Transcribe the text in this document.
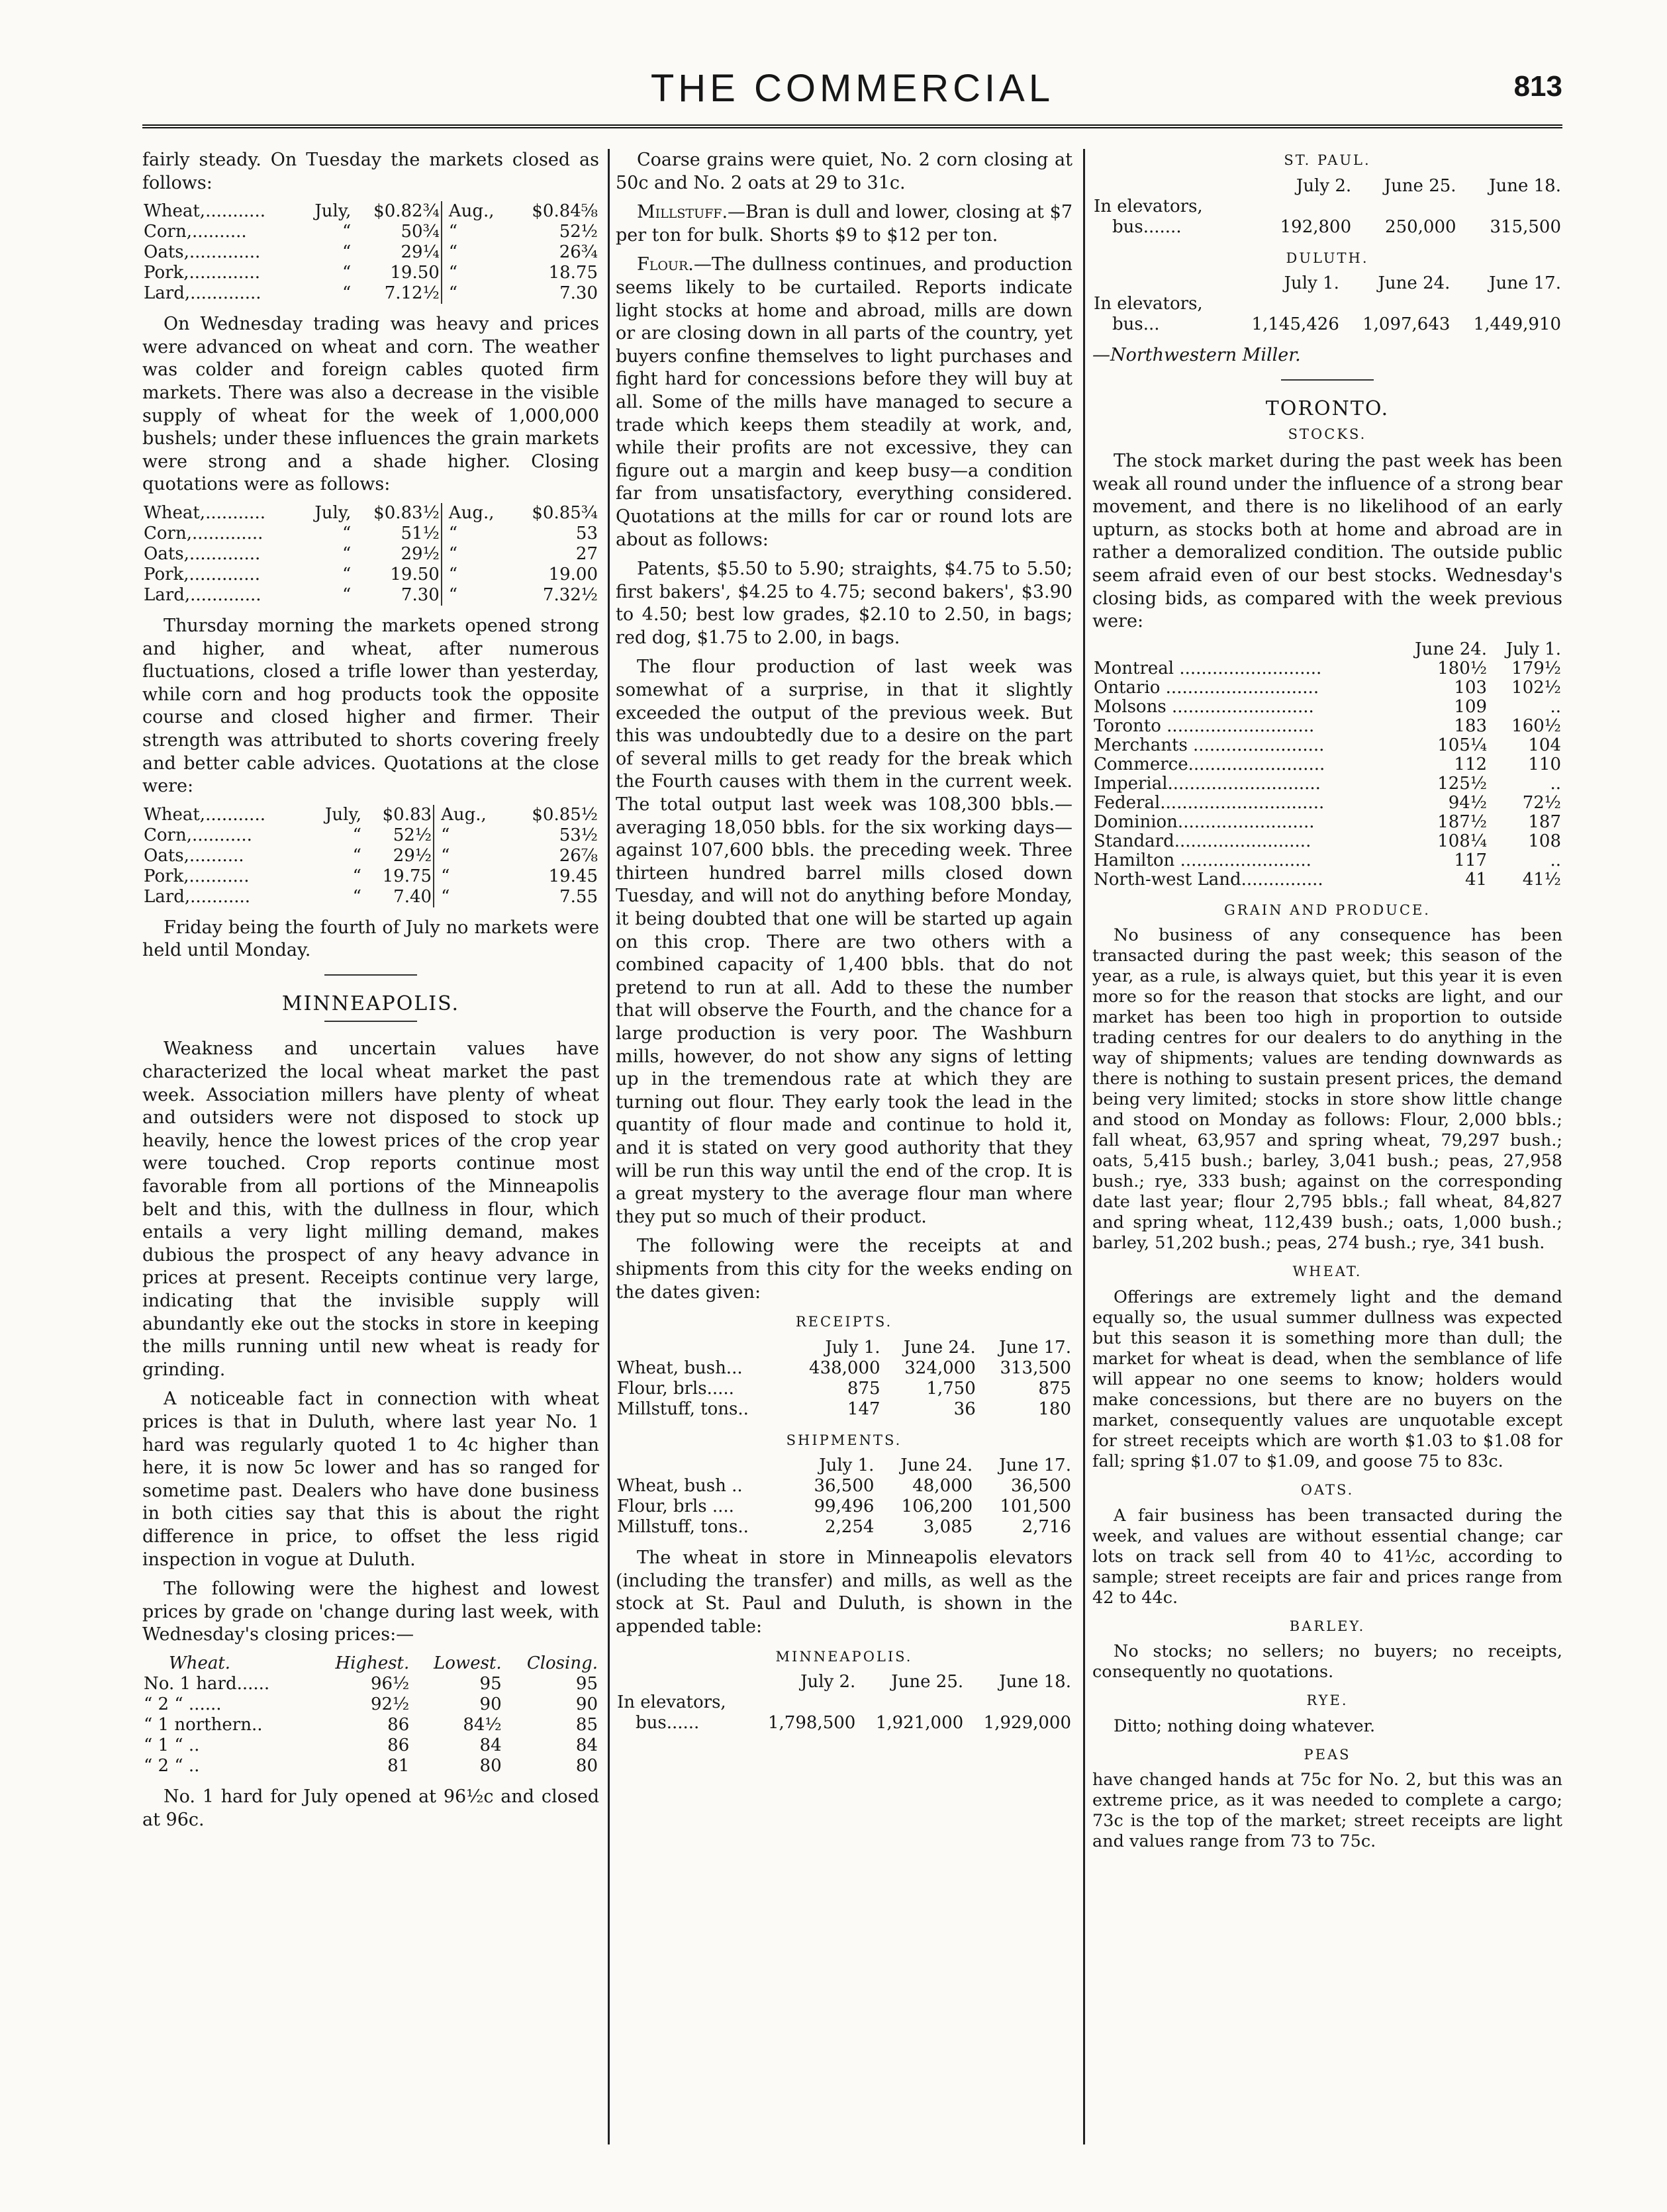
THE COMMERCIAL	813

fairly steady. On Tuesday the markets closed as follows:

Wheat,...........	July,	$0.82¾	Aug.,	$0.84⅝
Corn,..........	“	50¾	“	52½
Oats,.............	“	29¼	“	26¾
Pork,.............	“	19.50	“	18.75
Lard,.............	“	7.12½	“	7.30

On Wednesday trading was heavy and prices were advanced on wheat and corn. The weather was colder and foreign cables quoted firm markets. There was also a decrease in the visible supply of wheat for the week of 1,000,000 bushels; under these influences the grain markets were strong and a shade higher. Closing quotations were as follows:

Wheat,...........	July,	$0.83½	Aug.,	$0.85¾
Corn,.............	“	51½	“	53
Oats,.............	“	29½	“	27
Pork,.............	“	19.50	“	19.00
Lard,.............	“	7.30	“	7.32½

Thursday morning the markets opened strong and higher, and wheat, after numerous fluctuations, closed a trifle lower than yesterday, while corn and hog products took the opposite course and closed higher and firmer. Their strength was attributed to shorts covering freely and better cable advices. Quotations at the close were:

Wheat,...........	July,	$0.83	Aug.,	$0.85½
Corn,...........	“	52½	“	53½
Oats,..........	“	29½	“	26⅞
Pork,...........	“	19.75	“	19.45
Lard,...........	“	7.40	“	7.55

Friday being the fourth of July no markets were held until Monday.

MINNEAPOLIS.

Weakness and uncertain values have characterized the local wheat market the past week. Association millers have plenty of wheat and outsiders were not disposed to stock up heavily, hence the lowest prices of the crop year were touched. Crop reports continue most favorable from all portions of the Minneapolis belt and this, with the dullness in flour, which entails a very light milling demand, makes dubious the prospect of any heavy advance in prices at present. Receipts continue very large, indicating that the invisible supply will abundantly eke out the stocks in store in keeping the mills running until new wheat is ready for grinding.

A noticeable fact in connection with wheat prices is that in Duluth, where last year No. 1 hard was regularly quoted 1 to 4c higher than here, it is now 5c lower and has so ranged for sometime past. Dealers who have done business in both cities say that this is about the right difference in price, to offset the less rigid inspection in vogue at Duluth.

The following were the highest and lowest prices by grade on 'change during last week, with Wednesday's closing prices:—

Wheat.	Highest.	Lowest.	Closing.
No. 1 hard......	96½	95	95
“ 2 “ ......	92½	90	90
“ 1 northern..	86	84½	85
“ 1 “ ..	86	84	84
“ 2 “ ..	81	80	80

No. 1 hard for July opened at 96½c and closed at 96c.

Coarse grains were quiet, No. 2 corn closing at 50c and No. 2 oats at 29 to 31c.

Millstuff.—Bran is dull and lower, closing at $7 per ton for bulk. Shorts $9 to $12 per ton.

Flour.—The dullness continues, and production seems likely to be curtailed. Reports indicate light stocks at home and abroad, mills are down or are closing down in all parts of the country, yet buyers confine themselves to light purchases and fight hard for concessions before they will buy at all. Some of the mills have managed to secure a trade which keeps them steadily at work, and, while their profits are not excessive, they can figure out a margin and keep busy—a condition far from unsatisfactory, everything considered. Quotations at the mills for car or round lots are about as follows:

Patents, $5.50 to 5.90; straights, $4.75 to 5.50; first bakers', $4.25 to 4.75; second bakers', $3.90 to 4.50; best low grades, $2.10 to 2.50, in bags; red dog, $1.75 to 2.00, in bags.

The flour production of last week was somewhat of a surprise, in that it slightly exceeded the output of the previous week. But this was undoubtedly due to a desire on the part of several mills to get ready for the break which the Fourth causes with them in the current week. The total output last week was 108,300 bbls.—averaging 18,050 bbls. for the six working days—against 107,600 bbls. the preceding week. Three thirteen hundred barrel mills closed down Tuesday, and will not do anything before Monday, it being doubted that one will be started up again on this crop. There are two others with a combined capacity of 1,400 bbls. that do not pretend to run at all. Add to these the number that will observe the Fourth, and the chance for a large production is very poor. The Washburn mills, however, do not show any signs of letting up in the tremendous rate at which they are turning out flour. They early took the lead in the quantity of flour made and continue to hold it, and it is stated on very good authority that they will be run this way until the end of the crop. It is a great mystery to the average flour man where they put so much of their product.

The following were the receipts at and shipments from this city for the weeks ending on the dates given:

RECEIPTS.
	July 1.	June 24.	June 17.
Wheat, bush...	438,000	324,000	313,500
Flour, brls.....	875	1,750	875
Millstuff, tons..	147	36	180
SHIPMENTS.
	July 1.	June 24.	June 17.
Wheat, bush ..	36,500	48,000	36,500
Flour, brls ....	99,496	106,200	101,500
Millstuff, tons..	2,254	3,085	2,716

The wheat in store in Minneapolis elevators (including the transfer) and mills, as well as the stock at St. Paul and Duluth, is shown in the appended table:

MINNEAPOLIS.
	July 2.	June 25.	June 18.
In elevators,			
bus......	1,798,500	1,921,000	1,929,000
ST. PAUL.
	July 2.	June 25.	June 18.
In elevators,			
bus.......	192,800	250,000	315,500
DULUTH.
	July 1.	June 24.	June 17.
In elevators,			
bus...	1,145,426	1,097,643	1,449,910

—Northwestern Miller.

TORONTO.
STOCKS.

The stock market during the past week has been weak all round under the influence of a strong bear movement, and there is no likelihood of an early upturn, as stocks both at home and abroad are in rather a demoralized condition. The outside public seem afraid even of our best stocks. Wednesday's closing bids, as compared with the week previous were:

	June 24.	July 1.
Montreal ..........................	180½	179½
Ontario ............................	103	102½
Molsons ..........................	109	..
Toronto ...........................	183	160½
Merchants ........................	105¼	104
Commerce.........................	112	110
Imperial............................	125½	..
Federal..............................	94½	72½
Dominion.........................	187½	187
Standard.........................	108¼	108
Hamilton ........................	117	..
North-west Land...............	41	41½
GRAIN AND PRODUCE.

No business of any consequence has been transacted during the past week; this season of the year, as a rule, is always quiet, but this year it is even more so for the reason that stocks are light, and our market has been too high in proportion to outside trading centres for our dealers to do anything in the way of shipments; values are tending downwards as there is nothing to sustain present prices, the demand being very limited; stocks in store show little change and stood on Monday as follows: Flour, 2,000 bbls.; fall wheat, 63,957 and spring wheat, 79,297 bush.; oats, 5,415 bush.; barley, 3,041 bush.; peas, 27,958 bush.; rye, 333 bush; against on the corresponding date last year; flour 2,795 bbls.; fall wheat, 84,827 and spring wheat, 112,439 bush.; oats, 1,000 bush.; barley, 51,202 bush.; peas, 274 bush.; rye, 341 bush.

WHEAT.

Offerings are extremely light and the demand equally so, the usual summer dullness was expected but this season it is something more than dull; the market for wheat is dead, when the semblance of life will appear no one seems to know; holders would make concessions, but there are no buyers on the market, consequently values are unquotable except for street receipts which are worth $1.03 to $1.08 for fall; spring $1.07 to $1.09, and goose 75 to 83c.

OATS.

A fair business has been transacted during the week, and values are without essential change; car lots on track sell from 40 to 41½c, according to sample; street receipts are fair and prices range from 42 to 44c.

BARLEY.

No stocks; no sellers; no buyers; no receipts, consequently no quotations.

RYE.

Ditto; nothing doing whatever.

PEAS

have changed hands at 75c for No. 2, but this was an extreme price, as it was needed to complete a cargo; 73c is the top of the market; street receipts are light and values range from 73 to 75c.
